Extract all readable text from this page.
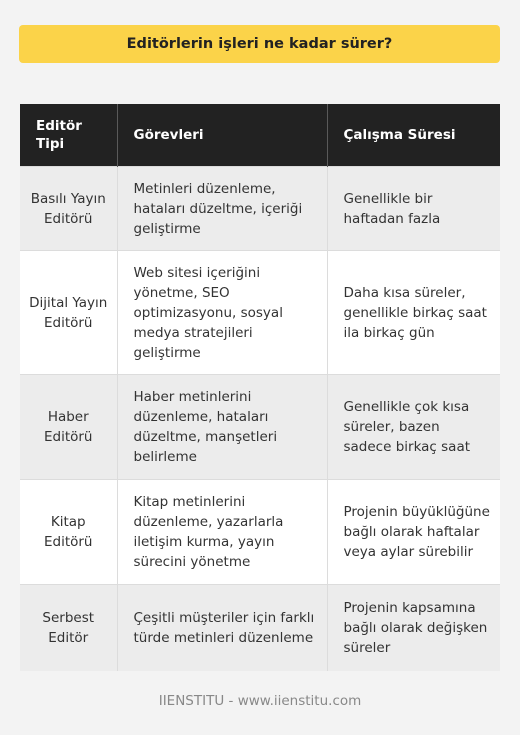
Editörlerin işleri ne kadar sürer?
Editör Tipi	Görevleri	Çalışma Süresi
Basılı Yayın Editörü	Metinleri düzenleme, hataları düzeltme, içeriği geliştirme	Genellikle bir haftadan fazla
Dijital Yayın Editörü	Web sitesi içeriğini yönetme, SEO optimizasyonu, sosyal medya stratejileri geliştirme	Daha kısa süreler, genellikle birkaç saat ila birkaç gün
Haber Editörü	Haber metinlerini düzenleme, hataları düzeltme, manşetleri belirleme	Genellikle çok kısa süreler, bazen sadece birkaç saat
Kitap Editörü	Kitap metinlerini düzenleme, yazarlarla iletişim kurma, yayın sürecini yönetme	Projenin büyüklüğüne bağlı olarak haftalar veya aylar sürebilir
Serbest Editör	Çeşitli müşteriler için farklı türde metinleri düzenleme	Projenin kapsamına bağlı olarak değişken süreler
IIENSTITU - www.iienstitu.com
